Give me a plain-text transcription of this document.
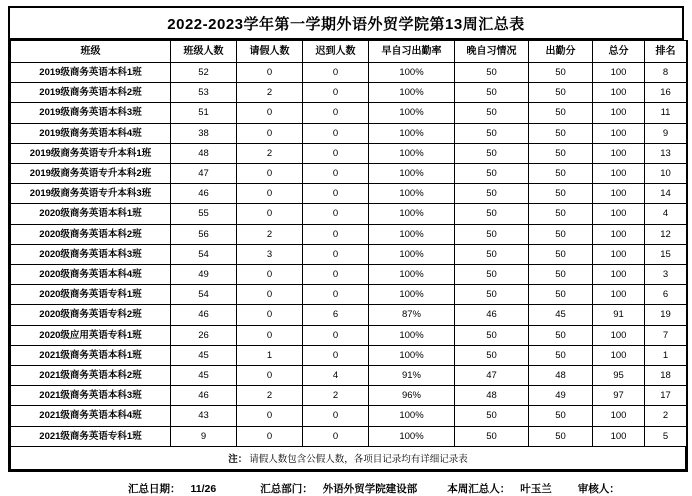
2022-2023学年第一学期外语外贸学院第13周汇总表
班级	班级人数	请假人数	迟到人数	早自习出勤率	晚自习情况	出勤分	总分	排名
2019级商务英语本科1班	52	0	0	100%	50	50	100	8
2019级商务英语本科2班	53	2	0	100%	50	50	100	16
2019级商务英语本科3班	51	0	0	100%	50	50	100	11
2019级商务英语本科4班	38	0	0	100%	50	50	100	9
2019级商务英语专升本科1班	48	2	0	100%	50	50	100	13
2019级商务英语专升本科2班	47	0	0	100%	50	50	100	10
2019级商务英语专升本科3班	46	0	0	100%	50	50	100	14
2020级商务英语本科1班	55	0	0	100%	50	50	100	4
2020级商务英语本科2班	56	2	0	100%	50	50	100	12
2020级商务英语本科3班	54	3	0	100%	50	50	100	15
2020级商务英语本科4班	49	0	0	100%	50	50	100	3
2020级商务英语专科1班	54	0	0	100%	50	50	100	6
2020级商务英语专科2班	46	0	6	87%	46	45	91	19
2020级应用英语专科1班	26	0	0	100%	50	50	100	7
2021级商务英语本科1班	45	1	0	100%	50	50	100	1
2021级商务英语本科2班	45	0	4	91%	47	48	95	18
2021级商务英语本科3班	46	2	2	96%	48	49	97	17
2021级商务英语本科4班	43	0	0	100%	50	50	100	2
2021级商务英语专科1班	9	0	0	100%	50	50	100	5
注： 请假人数包含公假人数，各项目记录均有详细记录表
汇总日期： 11/26	汇总部门： 外语外贸学院建设部	本周汇总人： 叶玉兰 审核人：
